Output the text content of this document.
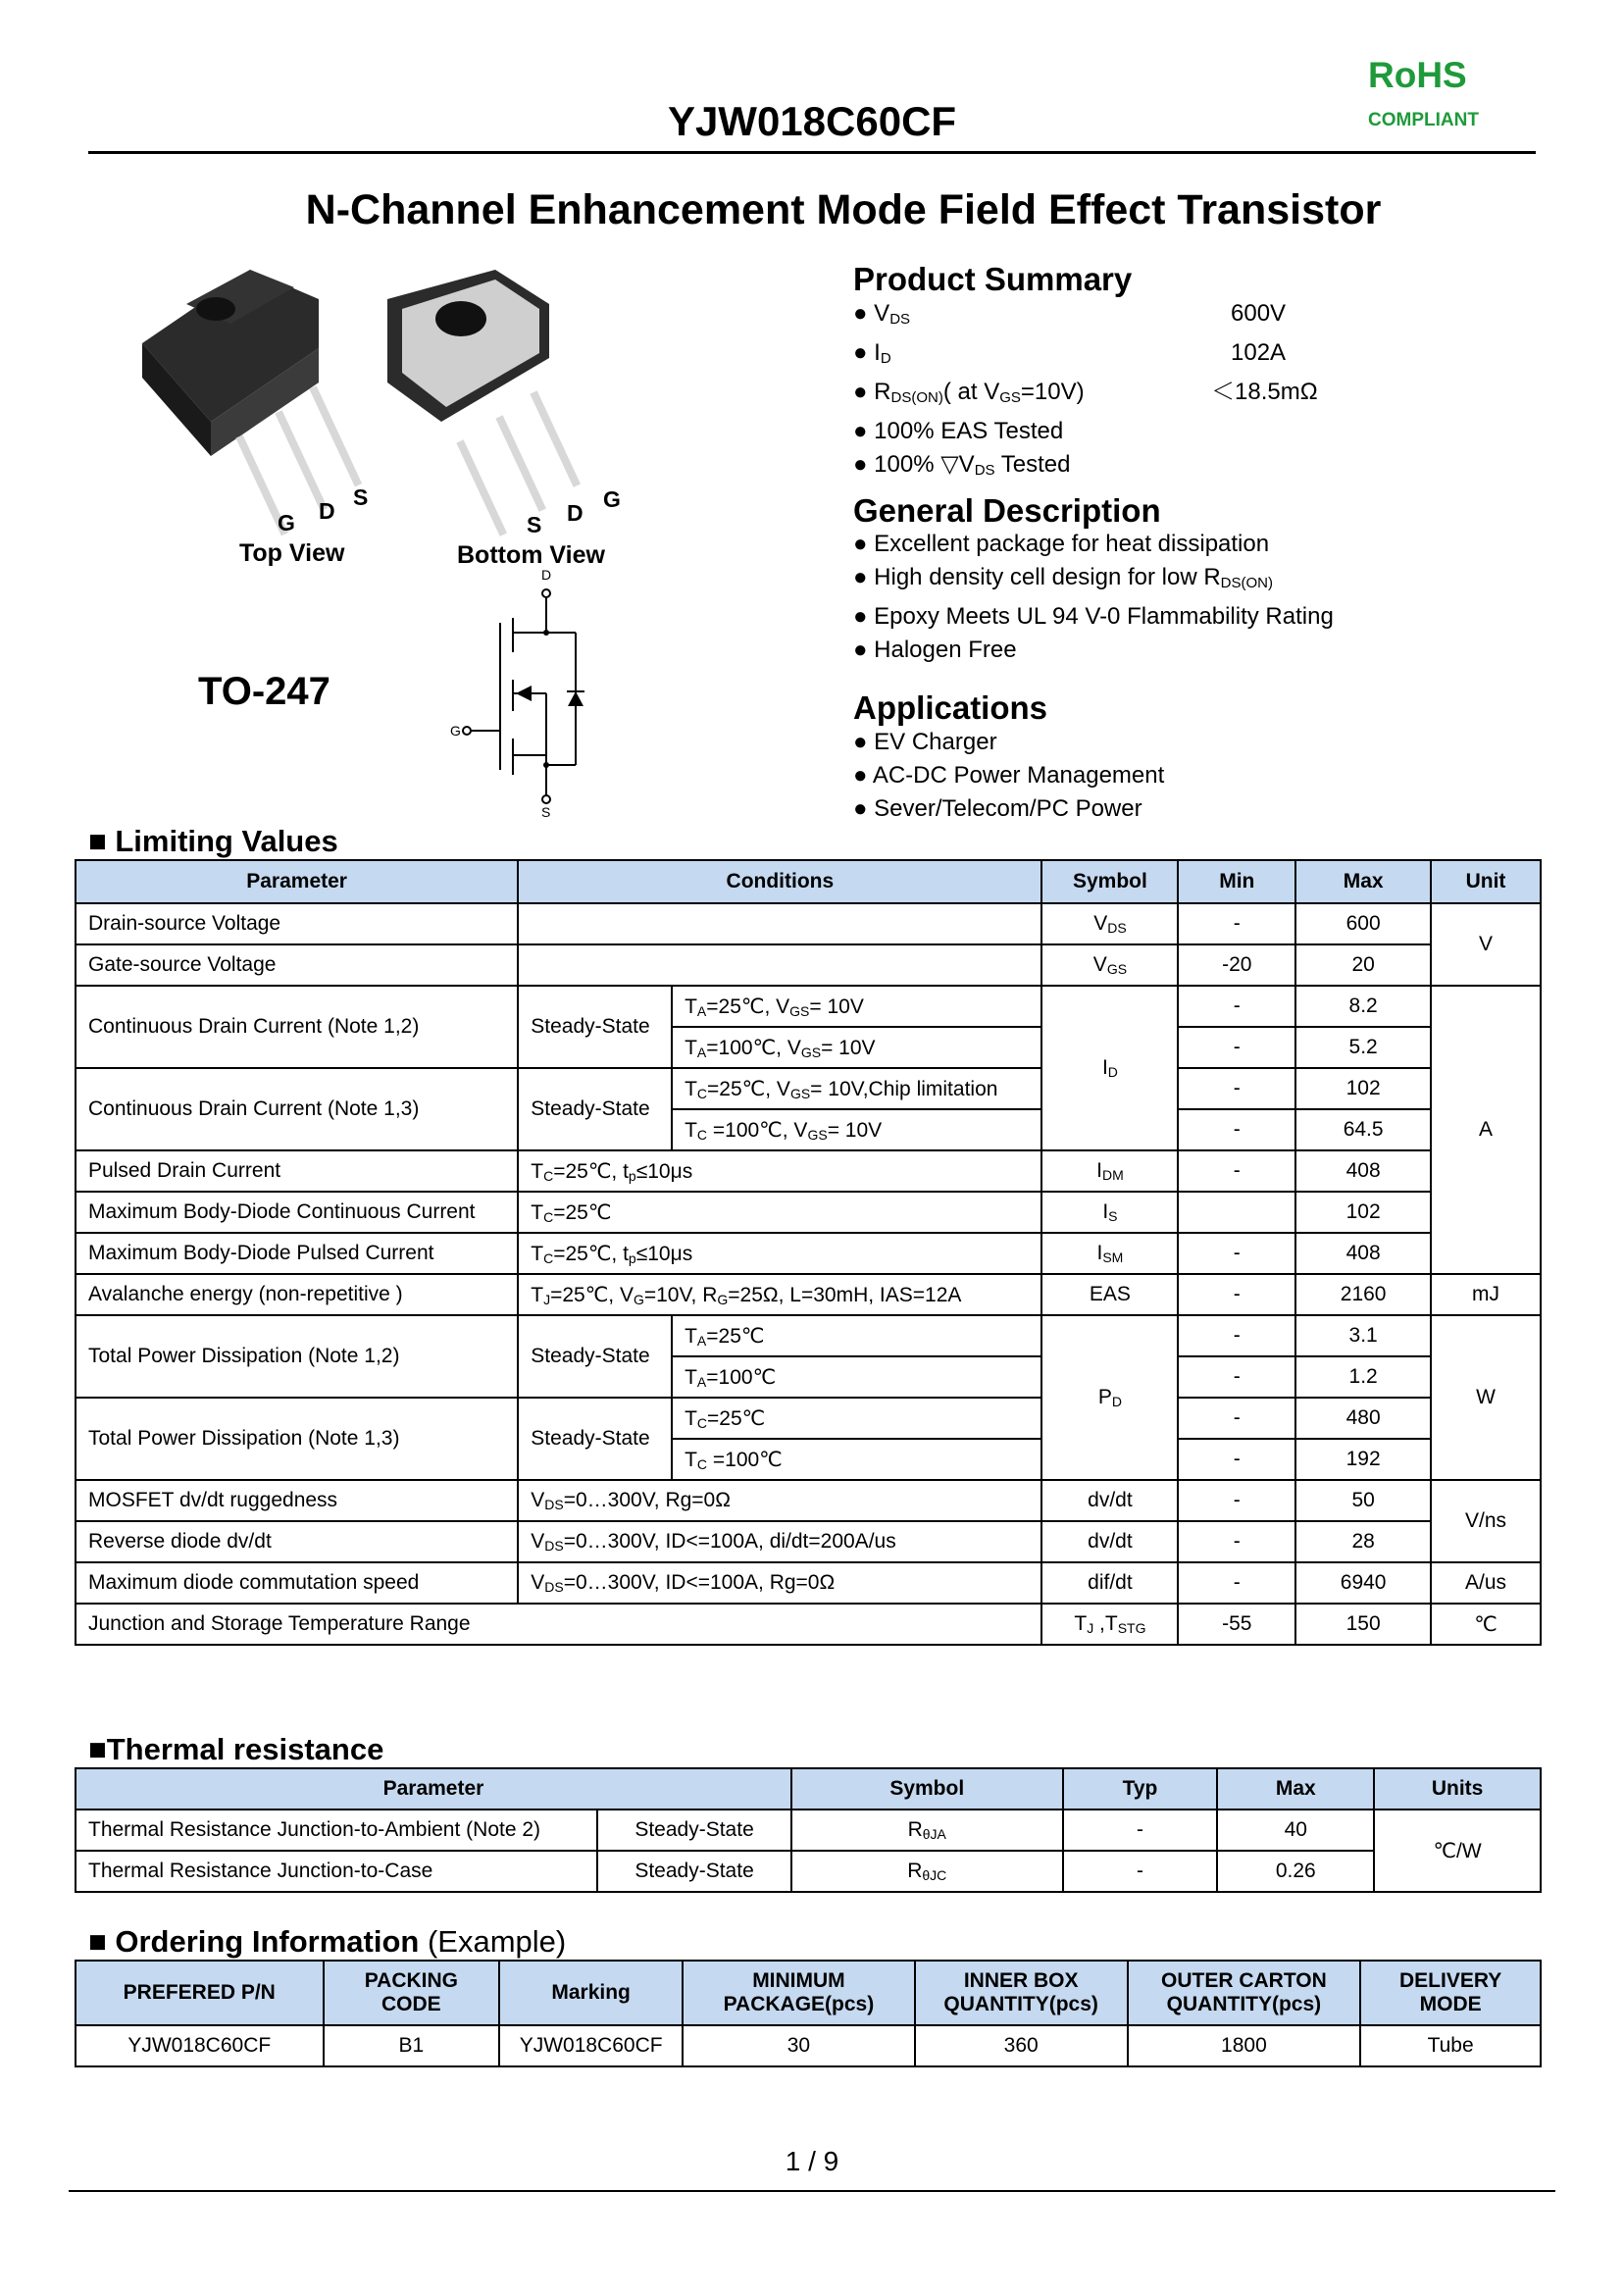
RoHS
COMPLIANT
YJW018C60CF
N-Channel Enhancement Mode Field Effect Transistor
G D
S
S D
G
Top View	Bottom View
TO-247
D
G
S
Product Summary
● $V_{DS}$	600V
● $I_D$	102A
● $R_{DS(ON)}$( at $V_{GS}=10V$)	＜18.5mΩ
● 100% EAS Tested
● 100% $▽V_{DS}$ Tested
General Description
● Excellent package for heat dissipation
● High density cell design for low $R_{DS(ON)}$
● Epoxy Meets UL 94 V-0 Flammability Rating
● Halogen Free
Applications
● EV Charger
● AC-DC Power Management
● Sever/Telecom/PC Power
■ Limiting Values
Parameter	Conditions		Symbol	Min	Max	Unit
Drain-source Voltage			$V_{DS}$	-	600	V
Gate-source Voltage			$V_{GS}$	-20	20	
Continuous Drain Current (Note 1,2)	Steady-State	$T_A=25℃$, $V_{GS}= 10V$	$I_D$	-	8.2	A
		$T_A=100℃$, $V_{GS}= 10V$		-	5.2	
Continuous Drain Current (Note 1,3)	Steady-State	$T_C=25℃$, $V_{GS}=$ 10V,Chip limitation		-	102	
		$T_C$ =100℃, $V_{GS}= 10V$		-	64.5	
Pulsed Drain Current	$T_C=25℃$, $t_p\le 10\mu s$		$I_{DM}$	-	408	
Maximum Body-Diode Continuous Current	$T_C=25℃$		$I_S$		102	
Maximum Body-Diode Pulsed Current	$T_C=25℃$, $t_p\le 10\mu s$		$I_{SM}$	-	408	
Avalanche energy (non-repetitive )	$T_J=25℃$, $V_G=10V$, $R_G=25\Omega$, L=30mH, IAS=12A		EAS	-	2160	mJ
Total Power Dissipation (Note 1,2)	Steady-State	$T_A=25℃$	$P_D$	-	3.1	W
		$T_A=100℃$		-	1.2	
Total Power Dissipation (Note 1,3)	Steady-State	$T_C=25℃$		-	480	
		$T_C$ =100℃		-	192	
MOSFET dv/dt ruggedness	$V_{DS}=0\dots 300V$, Rg=0Ω		dv/dt	-	50	V/ns
Reverse diode dv/dt	$V_{DS}=0\dots 300V$, ID<=100A, di/dt=200A/us		dv/dt	-	28	
Maximum diode commutation speed	$V_{DS}=0\dots 300V$, ID<=100A, Rg=0Ω		dif/dt	-	6940	A/us
Junction and Storage Temperature Range			$T_J$ $,T_{STG}$	-55	150	℃
■Thermal resistance
Parameter		Symbol	Typ	Max	Units
Thermal Resistance Junction-to-Ambient (Note 2)	Steady-State	$R_{\theta JA}$	-	40	℃/W
Thermal Resistance Junction-to-Case	Steady-State	$R_{\theta JC}$	-	0.26	
■ Ordering Information (Example)
PREFERED P/N	PACKING CODE	Marking	MINIMUM PACKAGE(pcs)	INNER BOX QUANTITY(pcs)	OUTER CARTON QUANTITY(pcs)	DELIVERY MODE
YJW018C60CF	B1	YJW018C60CF	30	360	1800	Tube
1 / 9
